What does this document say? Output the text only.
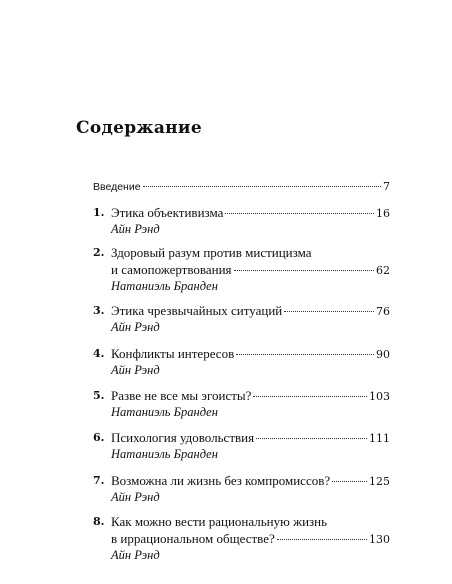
Содержание
Введение	7
1. Этика объективизма	16
Айн Рэнд
2. Здоровый разум против мистицизма
и самопожертвования	62
Натаниэль Бранден
3. Этика чрезвычайных ситуаций	76
Айн Рэнд
4. Конфликты интересов	90
Айн Рэнд
5. Разве не все мы эгоисты?	103
Натаниэль Бранден
6. Психология удовольствия	111
Натаниэль Бранден
7. Возможна ли жизнь без компромиссов?	125
Айн Рэнд
8. Как можно вести рациональную жизнь
в иррациональном обществе?	130
Айн Рэнд
